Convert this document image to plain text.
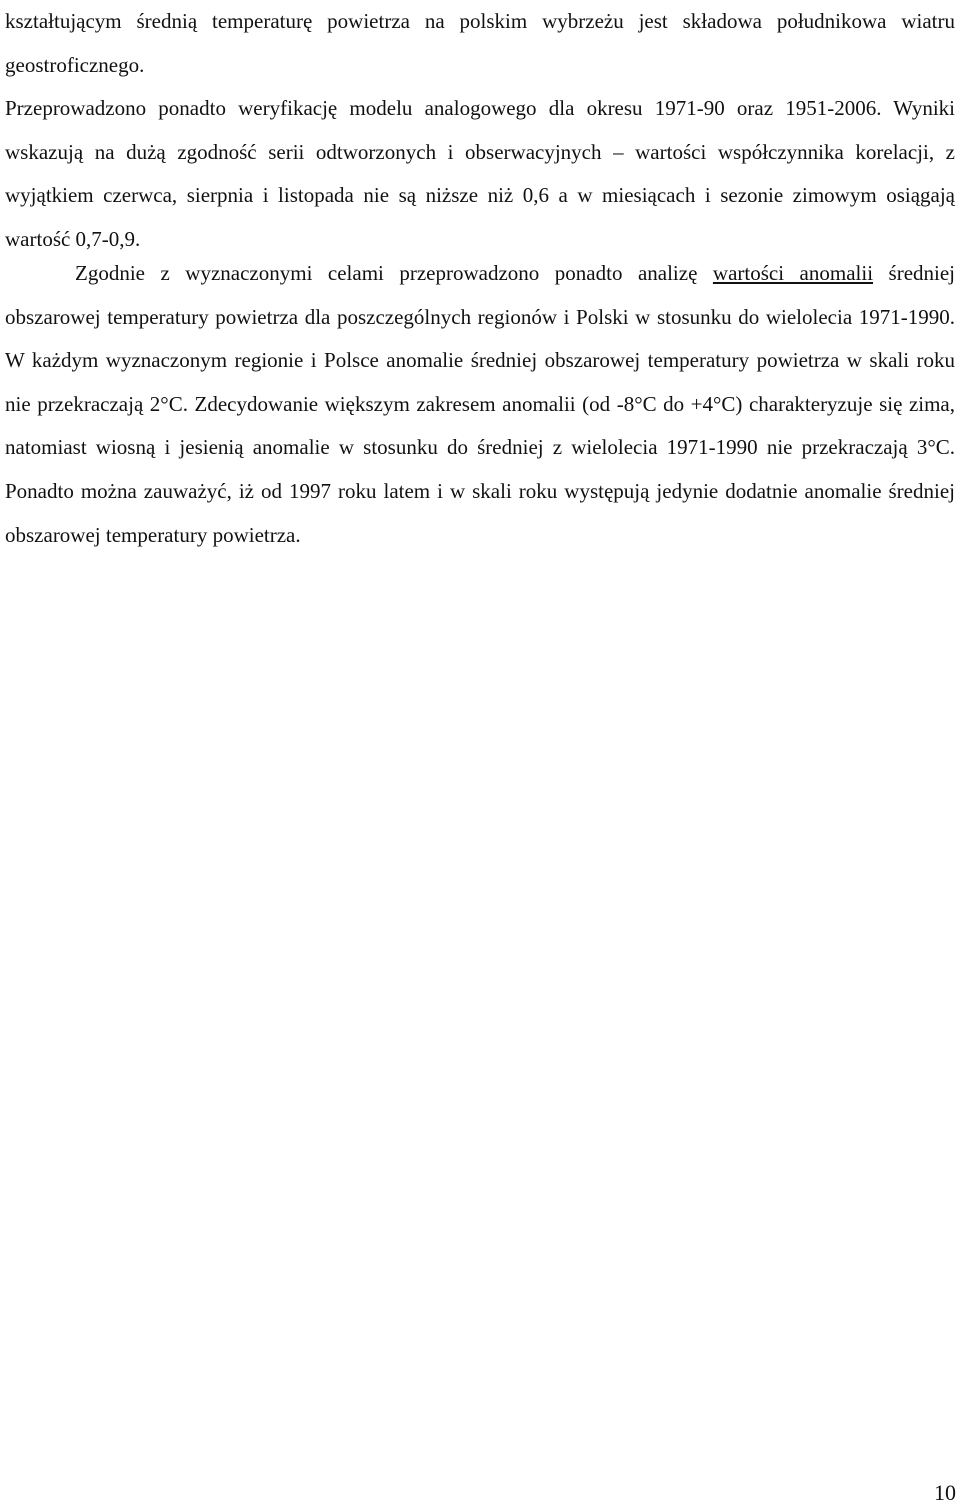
kształtującym średnią temperaturę powietrza na polskim wybrzeżu jest składowa południkowa wiatru geostroficznego.
Przeprowadzono ponadto weryfikację modelu analogowego dla okresu 1971-90 oraz 1951-2006. Wyniki wskazują na dużą zgodność serii odtworzonych i obserwacyjnych – wartości współczynnika korelacji, z wyjątkiem czerwca, sierpnia i listopada nie są niższe niż 0,6 a w miesiącach i sezonie zimowym osiągają wartość 0,7-0,9.
Zgodnie z wyznaczonymi celami przeprowadzono ponadto analizę wartości anomalii średniej obszarowej temperatury powietrza dla poszczególnych regionów i Polski w stosunku do wielolecia 1971-1990. W każdym wyznaczonym regionie i Polsce anomalie średniej obszarowej temperatury powietrza w skali roku nie przekraczają 2°C. Zdecydowanie większym zakresem anomalii (od -8°C do +4°C) charakteryzuje się zima, natomiast wiosną i jesienią anomalie w stosunku do średniej z wielolecia 1971-1990 nie przekraczają 3°C. Ponadto można zauważyć, iż od 1997 roku latem i w skali roku występują jedynie dodatnie anomalie średniej obszarowej temperatury powietrza.
10
